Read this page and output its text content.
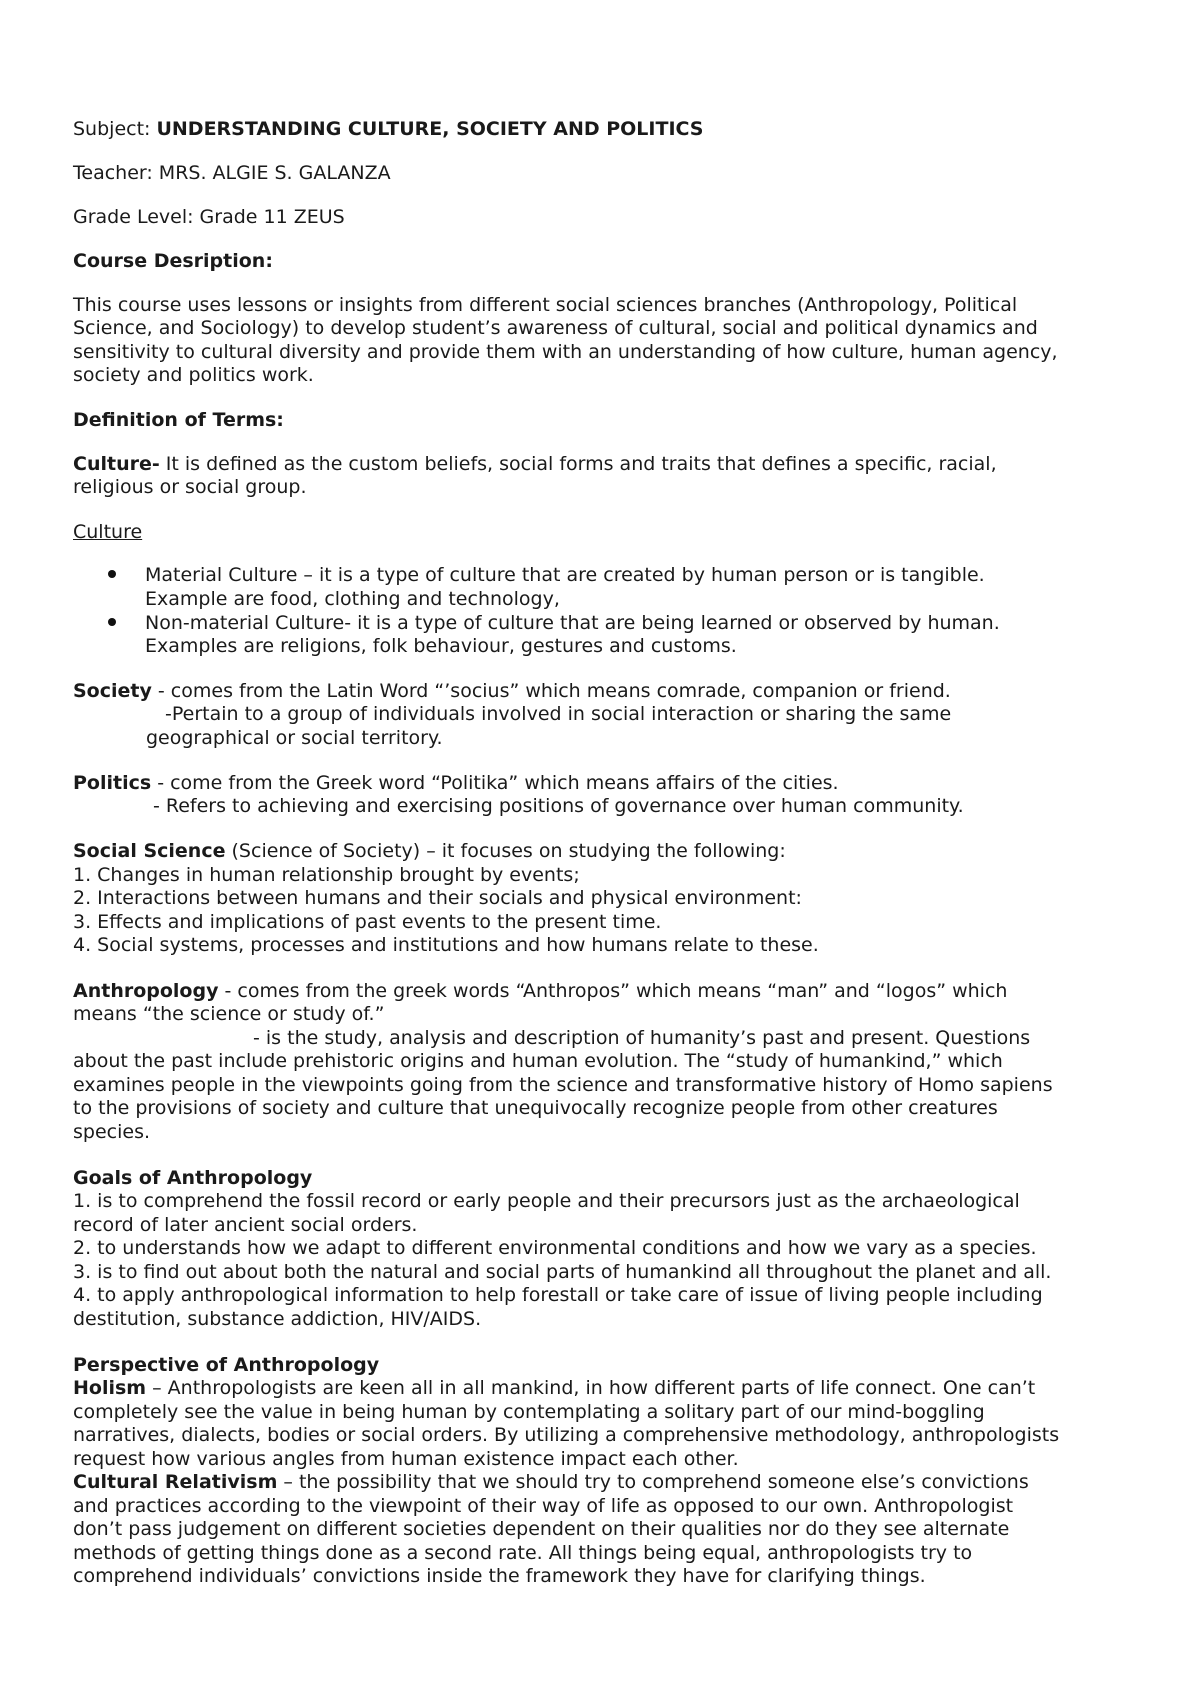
Subject: UNDERSTANDING CULTURE, SOCIETY AND POLITICS
Teacher: MRS. ALGIE S. GALANZA
Grade Level: Grade 11 ZEUS
Course Desription:
This course uses lessons or insights from different social sciences branches (Anthropology, Political
Science, and Sociology) to develop student’s awareness of cultural, social and political dynamics and
sensitivity to cultural diversity and provide them with an understanding of how culture, human agency,
society and politics work.
Definition of Terms:
Culture- It is defined as the custom beliefs, social forms and traits that defines a specific, racial,
religious or social group.
Culture
Material Culture – it is a type of culture that are created by human person or is tangible.
Example are food, clothing and technology,
Non-material Culture- it is a type of culture that are being learned or observed by human.
Examples are religions, folk behaviour, gestures and customs.
Society - comes from the Latin Word “’socius” which means comrade, companion or friend.
-Pertain to a group of individuals involved in social interaction or sharing the same
geographical or social territory.
Politics - come from the Greek word “Politika” which means affairs of the cities.
- Refers to achieving and exercising positions of governance over human community.
Social Science (Science of Society) – it focuses on studying the following:
1. Changes in human relationship brought by events;
2. Interactions between humans and their socials and physical environment:
3. Effects and implications of past events to the present time.
4. Social systems, processes and institutions and how humans relate to these.
Anthropology - comes from the greek words “Anthropos” which means “man” and “logos” which
means “the science or study of.”
- is the study, analysis and description of humanity’s past and present. Questions
about the past include prehistoric origins and human evolution. The “study of humankind,” which
examines people in the viewpoints going from the science and transformative history of Homo sapiens
to the provisions of society and culture that unequivocally recognize people from other creatures
species.
Goals of Anthropology
1. is to comprehend the fossil record or early people and their precursors just as the archaeological
record of later ancient social orders.
2. to understands how we adapt to different environmental conditions and how we vary as a species.
3. is to find out about both the natural and social parts of humankind all throughout the planet and all.
4. to apply anthropological information to help forestall or take care of issue of living people including
destitution, substance addiction, HIV/AIDS.
Perspective of Anthropology
Holism – Anthropologists are keen all in all mankind, in how different parts of life connect. One can’t
completely see the value in being human by contemplating a solitary part of our mind-boggling
narratives, dialects, bodies or social orders. By utilizing a comprehensive methodology, anthropologists
request how various angles from human existence impact each other.
Cultural Relativism – the possibility that we should try to comprehend someone else’s convictions
and practices according to the viewpoint of their way of life as opposed to our own. Anthropologist
don’t pass judgement on different societies dependent on their qualities nor do they see alternate
methods of getting things done as a second rate. All things being equal, anthropologists try to
comprehend individuals’ convictions inside the framework they have for clarifying things.
